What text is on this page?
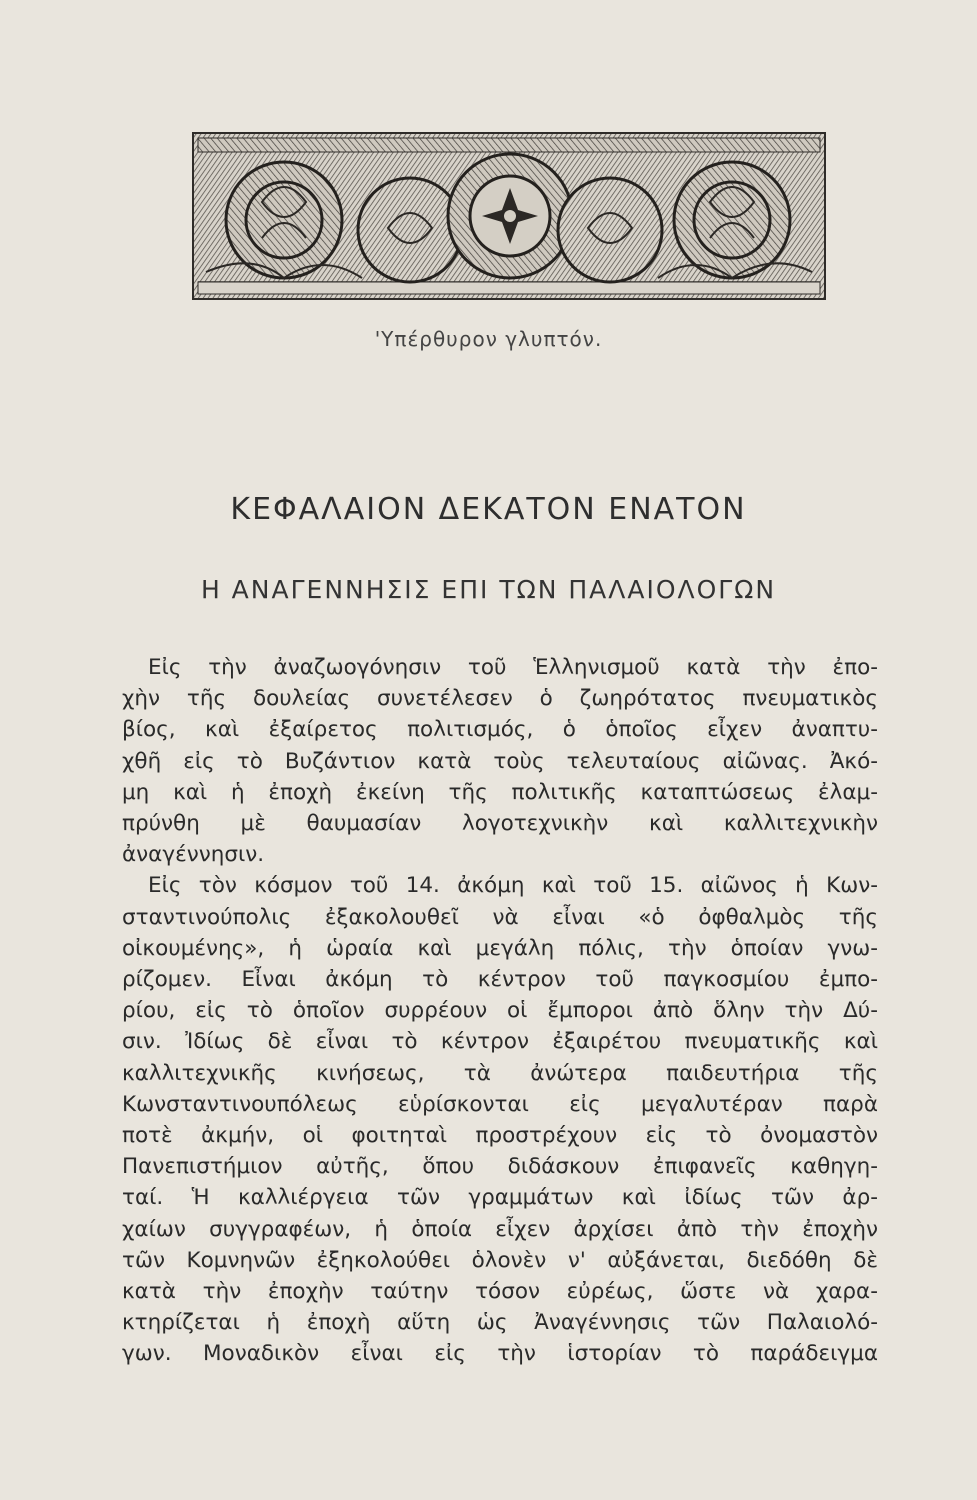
'Υπέρθυρον γλυπτόν.
ΚΕΦΑΛΑΙΟΝ ΔΕΚΑΤΟΝ ΕΝΑΤΟΝ
Η ΑΝΑΓΕΝΝΗΣΙΣ ΕΠΙ ΤΩΝ ΠΑΛΑΙΟΛΟΓΩΝ
Εἰς τὴν ἀναζωογόνησιν τοῦ Ἑλληνισμοῦ κατὰ τὴν ἐπο-
χὴν τῆς δουλείας συνετέλεσεν ὁ ζωηρότατος πνευματικὸς
βίος, καὶ ἐξαίρετος πολιτισμός, ὁ ὁποῖος εἶχεν ἀναπτυ-
χθῆ εἰς τὸ Βυζάντιον κατὰ τοὺς τελευταίους αἰῶνας. Ἀκό-
μη καὶ ἡ ἐποχὴ ἐκείνη τῆς πολιτικῆς καταπτώσεως ἐλαμ-
πρύνθη μὲ θαυμασίαν λογοτεχνικὴν καὶ καλλιτεχνικὴν
ἀναγέννησιν.
Εἰς τὸν κόσμον τοῦ 14. ἀκόμη καὶ τοῦ 15. αἰῶνος ἡ Κων-
σταντινούπολις ἐξακολουθεῖ νὰ εἶναι «ὁ ὀφθαλμὸς τῆς
οἰκουμένης», ἡ ὡραία καὶ μεγάλη πόλις, τὴν ὁποίαν γνω-
ρίζομεν. Εἶναι ἀκόμη τὸ κέντρον τοῦ παγκοσμίου ἐμπο-
ρίου, εἰς τὸ ὁποῖον συρρέουν οἱ ἔμποροι ἀπὸ ὅλην τὴν Δύ-
σιν. Ἰδίως δὲ εἶναι τὸ κέντρον ἐξαιρέτου πνευματικῆς καὶ
καλλιτεχνικῆς κινήσεως, τὰ ἀνώτερα παιδευτήρια τῆς
Κωνσταντινουπόλεως εὑρίσκονται εἰς μεγαλυτέραν παρὰ
ποτὲ ἀκμήν, οἱ φοιτηταὶ προστρέχουν εἰς τὸ ὀνομαστὸν
Πανεπιστήμιον αὐτῆς, ὅπου διδάσκουν ἐπιφανεῖς καθηγη-
ταί. Ἡ καλλιέργεια τῶν γραμμάτων καὶ ἰδίως τῶν ἀρ-
χαίων συγγραφέων, ἡ ὁποία εἶχεν ἀρχίσει ἀπὸ τὴν ἐποχὴν
τῶν Κομνηνῶν ἐξηκολούθει ὁλονὲν ν' αὐξάνεται, διεδόθη δὲ
κατὰ τὴν ἐποχὴν ταύτην τόσον εὐρέως, ὥστε νὰ χαρα-
κτηρίζεται ἡ ἐποχὴ αὕτη ὡς Ἀναγέννησις τῶν Παλαιολό-
γων. Μοναδικὸν εἶναι εἰς τὴν ἱστορίαν τὸ παράδειγμα
